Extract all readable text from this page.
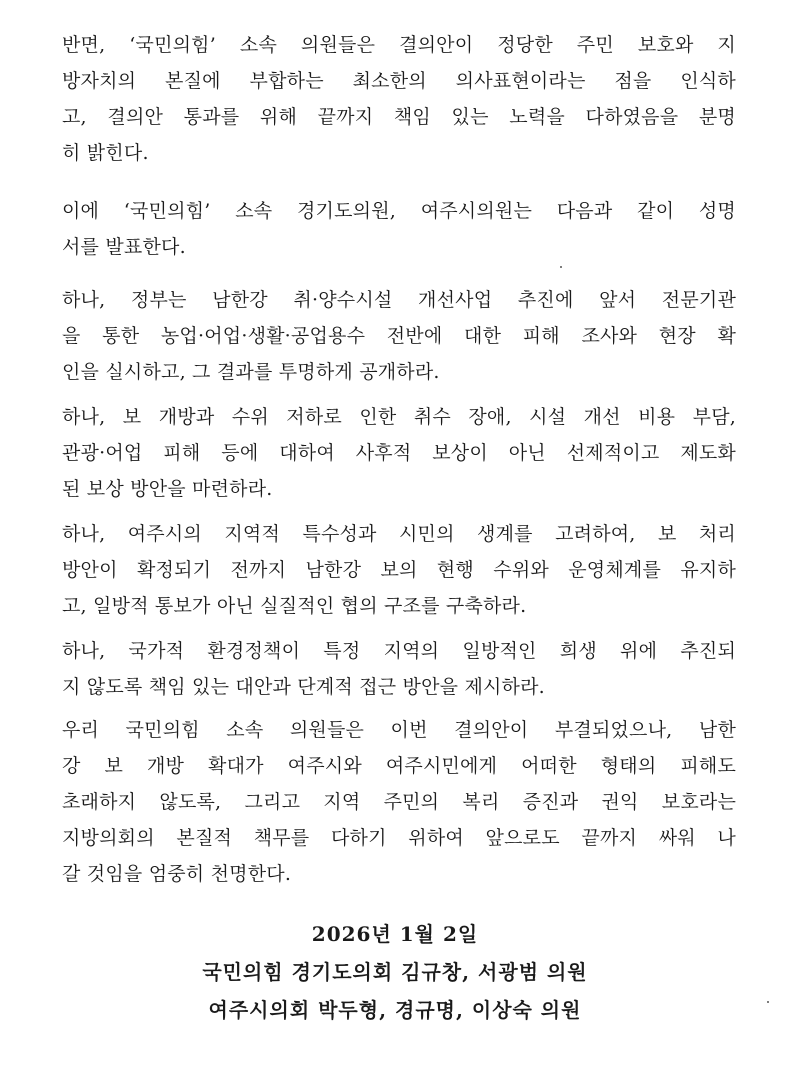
반면, ‘국민의힘’ 소속 의원들은 결의안이 정당한 주민 보호와 지
방자치의 본질에 부합하는 최소한의 의사표현이라는 점을 인식하
고, 결의안 통과를 위해 끝까지 책임 있는 노력을 다하였음을 분명
히 밝힌다.
이에 ‘국민의힘’ 소속 경기도의원, 여주시의원는 다음과 같이 성명
서를 발표한다.
하나, 정부는 남한강 취·양수시설 개선사업 추진에 앞서 전문기관
을 통한 농업·어업·생활·공업용수 전반에 대한 피해 조사와 현장 확
인을 실시하고, 그 결과를 투명하게 공개하라.
하나, 보 개방과 수위 저하로 인한 취수 장애, 시설 개선 비용 부담,
관광·어업 피해 등에 대하여 사후적 보상이 아닌 선제적이고 제도화
된 보상 방안을 마련하라.
하나, 여주시의 지역적 특수성과 시민의 생계를 고려하여, 보 처리
방안이 확정되기 전까지 남한강 보의 현행 수위와 운영체계를 유지하
고, 일방적 통보가 아닌 실질적인 협의 구조를 구축하라.
하나, 국가적 환경정책이 특정 지역의 일방적인 희생 위에 추진되
지 않도록 책임 있는 대안과 단계적 접근 방안을 제시하라.
우리 국민의힘 소속 의원들은 이번 결의안이 부결되었으나, 남한
강 보 개방 확대가 여주시와 여주시민에게 어떠한 형태의 피해도
초래하지 않도록, 그리고 지역 주민의 복리 증진과 권익 보호라는
지방의회의 본질적 책무를 다하기 위하여 앞으로도 끝까지 싸워 나
갈 것임을 엄중히 천명한다.
2026년 1월 2일
국민의힘 경기도의회 김규창, 서광범 의원
여주시의회 박두형, 경규명, 이상숙 의원
